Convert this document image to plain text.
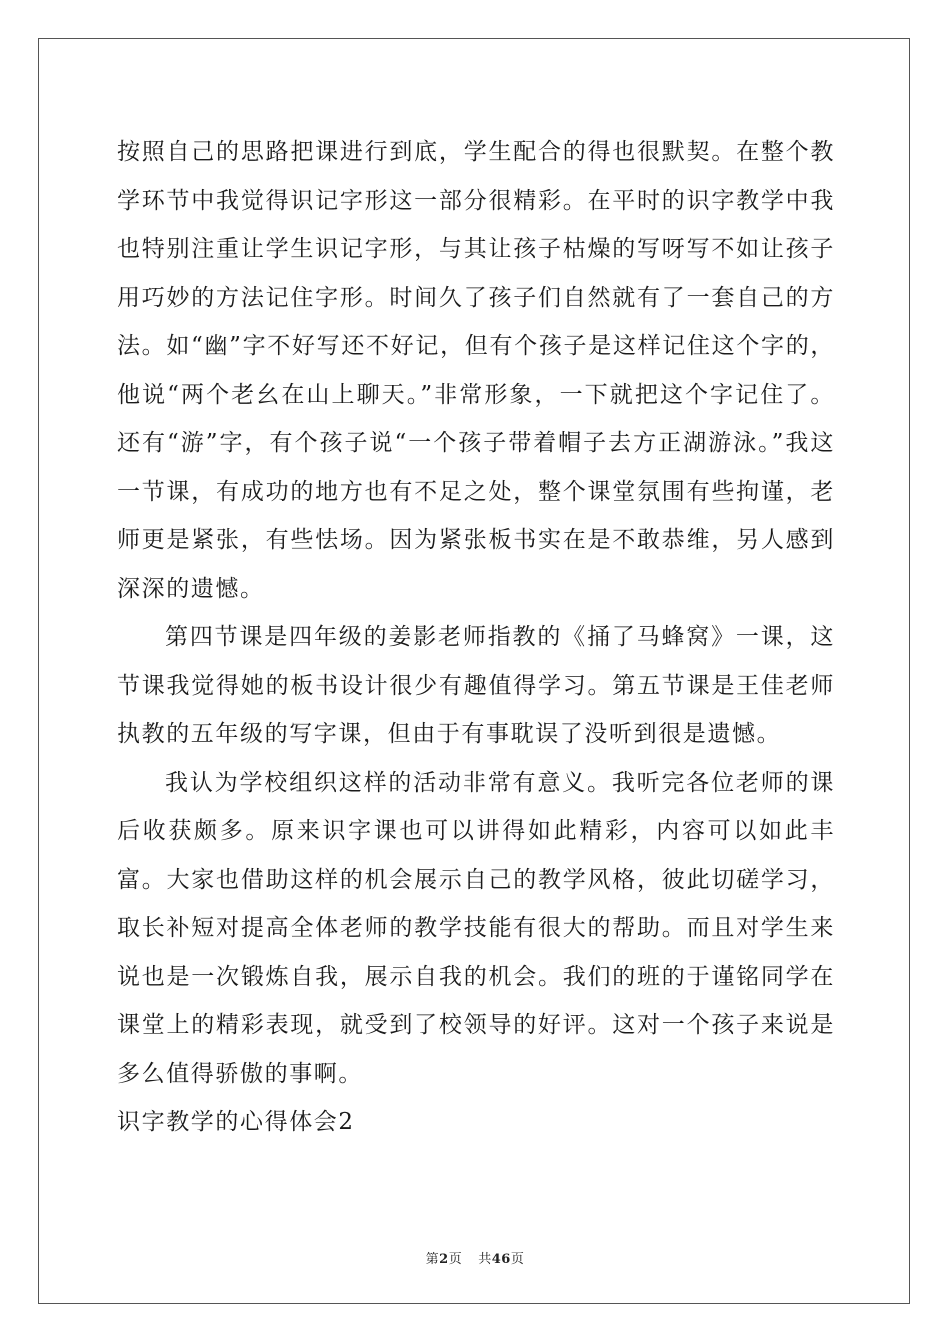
按照自己的思路把课进行到底，学生配合的得也很默契。在整个教学环节中我觉得识记字形这一部分很精彩。在平时的识字教学中我也特别注重让学生识记字形，与其让孩子枯燥的写呀写不如让孩子用巧妙的方法记住字形。时间久了孩子们自然就有了一套自己的方法。如“幽”字不好写还不好记，但有个孩子是这样记住这个字的，他说“两个老幺在山上聊天。”非常形象，一下就把这个字记住了。还有“游”字，有个孩子说“一个孩子带着帽子去方正湖游泳。”我这一节课，有成功的地方也有不足之处，整个课堂氛围有些拘谨，老师更是紧张，有些怯场。因为紧张板书实在是不敢恭维，另人感到深深的遗憾。

第四节课是四年级的姜影老师指教的《捅了马蜂窝》一课，这节课我觉得她的板书设计很少有趣值得学习。第五节课是王佳老师执教的五年级的写字课，但由于有事耽误了没听到很是遗憾。

我认为学校组织这样的活动非常有意义。我听完各位老师的课后收获颇多。原来识字课也可以讲得如此精彩，内容可以如此丰富。大家也借助这样的机会展示自己的教学风格，彼此切磋学习，取长补短对提高全体老师的教学技能有很大的帮助。而且对学生来说也是一次锻炼自我，展示自我的机会。我们的班的于谨铭同学在课堂上的精彩表现，就受到了校领导的好评。这对一个孩子来说是多么值得骄傲的事啊。

识字教学的心得体会2

第2页 共46页
